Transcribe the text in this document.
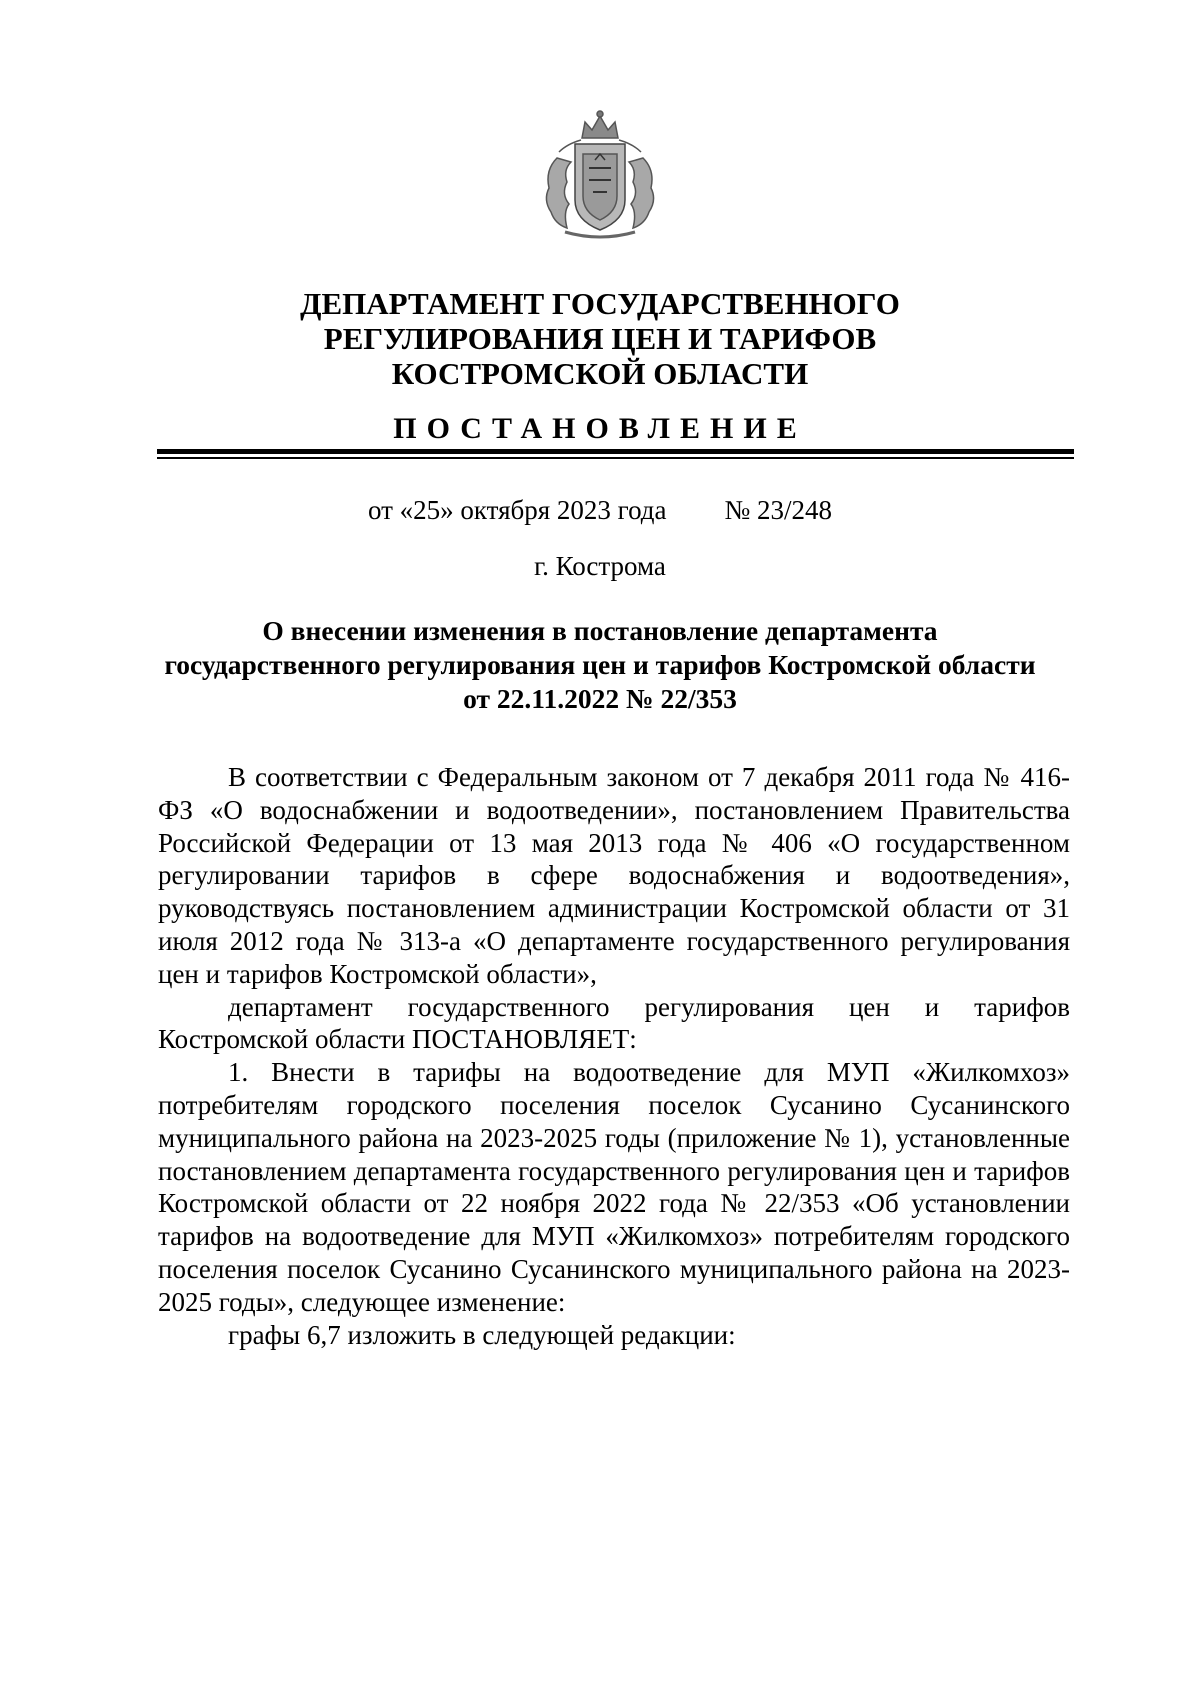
ДЕПАРТАМЕНТ ГОСУДАРСТВЕННОГО
РЕГУЛИРОВАНИЯ ЦЕН И ТАРИФОВ
КОСТРОМСКОЙ ОБЛАСТИ
ПОСТАНОВЛЕНИЕ
от «25» октября 2023 года № 23/248
г. Кострома
О внесении изменения в постановление департамента
государственного регулирования цен и тарифов Костромской области
от 22.11.2022 № 22/353

В соответствии с Федеральным законом от 7 декабря 2011 года № 416-ФЗ «О водоснабжении и водоотведении», постановлением Правительства Российской Федерации от 13 мая 2013 года № 406 «О государственном регулировании тарифов в сфере водоснабжения и водоотведения», руководствуясь постановлением администрации Костромской области от 31 июля 2012 года № 313-а «О департаменте государственного регулирования цен и тарифов Костромской области»,

департамент государственного регулирования цен и тарифов Костромской области ПОСТАНОВЛЯЕТ:

1. Внести в тарифы на водоотведение для МУП «Жилкомхоз» потребителям городского поселения поселок Сусанино Сусанинского муниципального района на 2023-2025 годы (приложение № 1), установленные постановлением департамента государственного регулирования цен и тарифов Костромской области от 22 ноября 2022 года № 22/353 «Об установлении тарифов на водоотведение для МУП «Жилкомхоз» потребителям городского поселения поселок Сусанино Сусанинского муниципального района на 2023-2025 годы», следующее изменение:

графы 6,7 изложить в следующей редакции:
